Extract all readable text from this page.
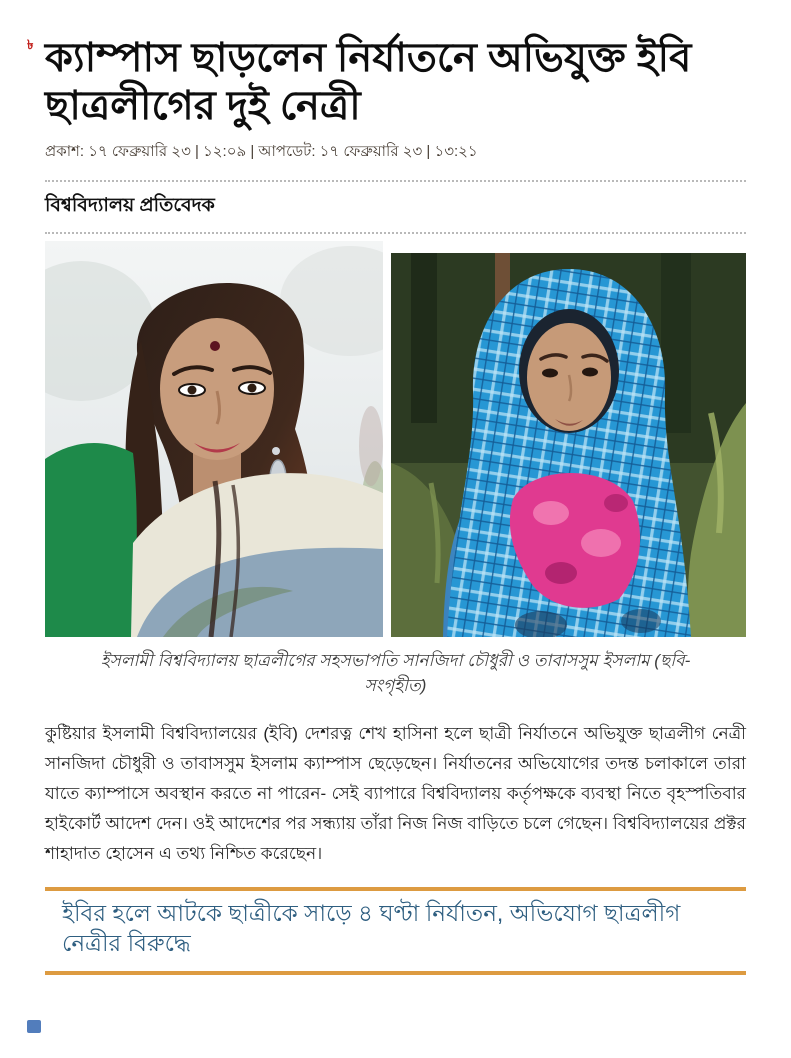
৳ ক্যাম্পাস ছাড়লেন নির্যাতনে অভিযুক্ত ইবি ছাত্রলীগের দুই নেত্রী
প্রকাশ: ১৭ ফেব্রুয়ারি ২৩ | ১২:০৯ | আপডেট: ১৭ ফেব্রুয়ারি ২৩ | ১৩:২১
বিশ্ববিদ্যালয় প্রতিবেদক
ইসলামী বিশ্ববিদ্যালয় ছাত্রলীগের সহসভাপতি সানজিদা চৌধুরী ও তাবাসসুম ইসলাম (ছবি- সংগৃহীত)

কুষ্টিয়ার ইসলামী বিশ্ববিদ্যালয়ের (ইবি) দেশরত্ন শেখ হাসিনা হলে ছাত্রী নির্যাতনে অভিযুক্ত ছাত্রলীগ নেত্রী সানজিদা চৌধুরী ও তাবাসসুম ইসলাম ক্যাম্পাস ছেড়েছেন। নির্যাতনের অভিযোগের তদন্ত চলাকালে তারা যাতে ক্যাম্পাসে অবস্থান করতে না পারেন- সেই ব্যাপারে বিশ্ববিদ্যালয় কর্তৃপক্ষকে ব্যবস্থা নিতে বৃহস্পতিবার হাইকোর্ট আদেশ দেন। ওই আদেশের পর সন্ধ্যায় তাঁরা নিজ নিজ বাড়িতে চলে গেছেন। বিশ্ববিদ্যালয়ের প্রক্টর শাহাদাত হোসেন এ তথ্য নিশ্চিত করেছেন।

ইবির হলে আটকে ছাত্রীকে সাড়ে ৪ ঘণ্টা নির্যাতন, অভিযোগ ছাত্রলীগ নেত্রীর বিরুদ্ধে
